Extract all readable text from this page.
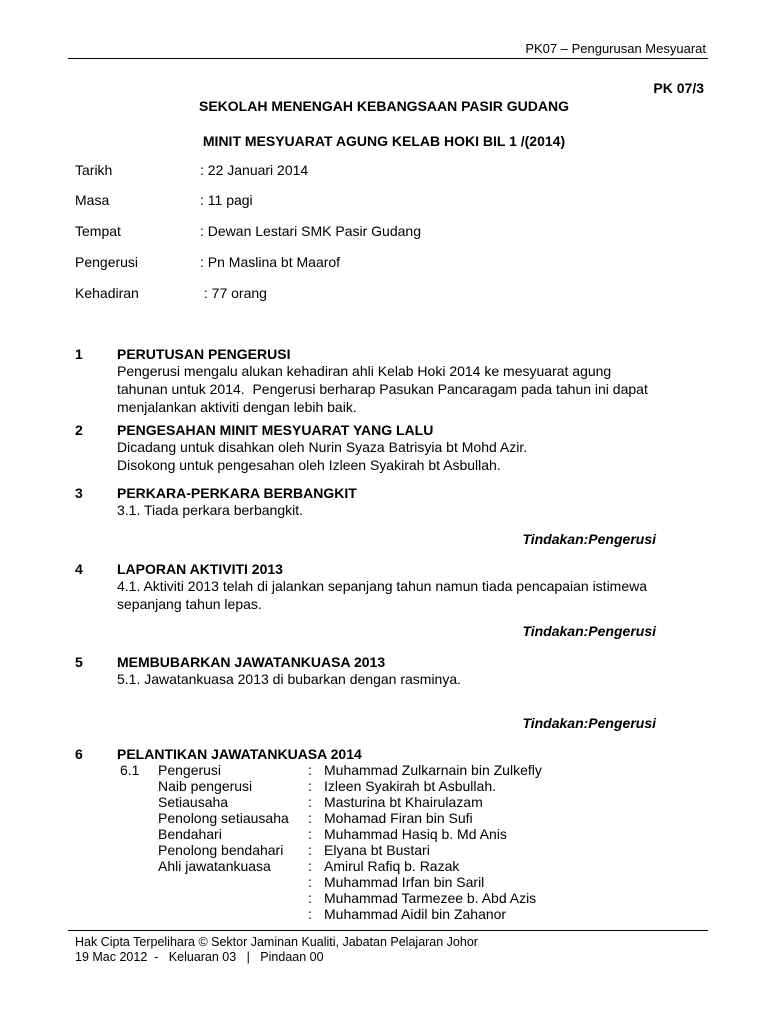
PK07 – Pengurusan Mesyuarat
PK 07/3
SEKOLAH MENENGAH KEBANGSAAN PASIR GUDANG
MINIT MESYUARAT AGUNG KELAB HOKI BIL 1 /(2014)
Tarikh	: 22 Januari 2014
Masa	: 11 pagi
Tempat	: Dewan Lestari SMK Pasir Gudang
Pengerusi	: Pn Maslina bt Maarof
Kehadiran	: 77 orang
1 PERUTUSAN PENGERUSI
Pengerusi mengalu alukan kehadiran ahli Kelab Hoki 2014 ke mesyuarat agung
tahunan untuk 2014.  Pengerusi berharap Pasukan Pancaragam pada tahun ini dapat
menjalankan aktiviti dengan lebih baik.
2 PENGESAHAN MINIT MESYUARAT YANG LALU
Dicadang untuk disahkan oleh Nurin Syaza Batrisyia bt Mohd Azir.
Disokong untuk pengesahan oleh Izleen Syakirah bt Asbullah.
3 PERKARA-PERKARA BERBANGKIT
3.1. Tiada perkara berbangkit.
Tindakan:Pengerusi
4 LAPORAN AKTIVITI 2013
4.1. Aktiviti 2013 telah di jalankan sepanjang tahun namun tiada pencapaian istimewa
sepanjang tahun lepas.
Tindakan:Pengerusi
5 MEMBUBARKAN JAWATANKUASA 2013
5.1. Jawatankuasa 2013 di bubarkan dengan rasminya.
Tindakan:Pengerusi
6 PELANTIKAN JAWATANKUASA 2014
6.1 Pengerusi	: Muhammad Zulkarnain bin Zulkefly
Naib pengerusi	: Izleen Syakirah bt Asbullah.
Setiausaha	: Masturina bt Khairulazam
Penolong setiausaha : Mohamad Firan bin Sufi
Bendahari	: Muhammad Hasiq b. Md Anis
Penolong bendahari : Elyana bt Bustari
Ahli jawatankuasa	: Amirul Rafiq b. Razak
: Muhammad Irfan bin Saril
: Muhammad Tarmezee b. Abd Azis
: Muhammad Aidil bin Zahanor
Hak Cipta Terpelihara © Sektor Jaminan Kualiti, Jabatan Pelajaran Johor
19 Mac 2012  -   Keluaran 03   |   Pindaan 00
